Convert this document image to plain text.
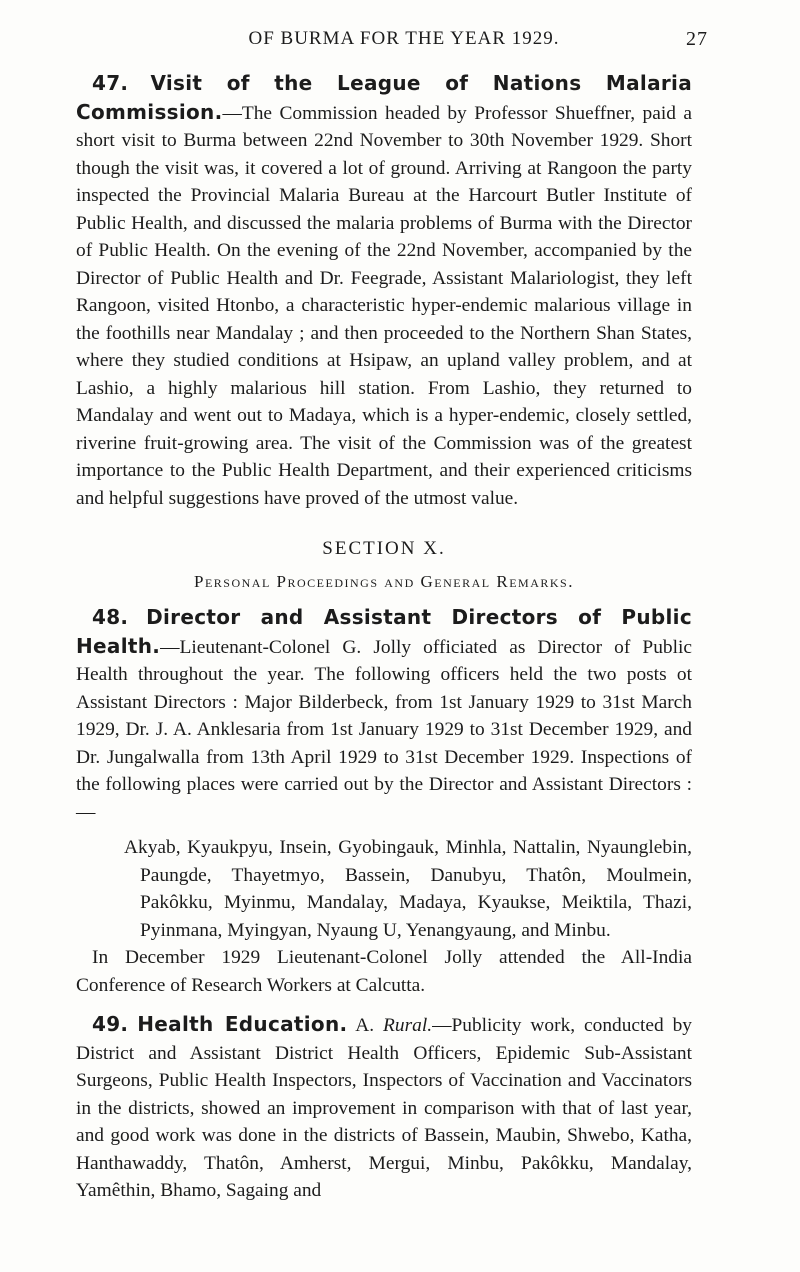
OF BURMA FOR THE YEAR 1929.	27

47. Visit of the League of Nations Malaria Commission.—The Commission headed by Professor Shueffner, paid a short visit to Burma between 22nd November to 30th November 1929. Short though the visit was, it covered a lot of ground. Arriving at Rangoon the party inspected the Provincial Malaria Bureau at the Harcourt Butler Institute of Public Health, and discussed the malaria problems of Burma with the Director of Public Health. On the evening of the 22nd November, accompanied by the Director of Public Health and Dr. Feegrade, Assistant Malariologist, they left Rangoon, visited Htonbo, a characteristic hyper-endemic malarious village in the foothills near Mandalay ; and then proceeded to the Northern Shan States, where they studied conditions at Hsipaw, an upland valley problem, and at Lashio, a highly malarious hill station. From Lashio, they returned to Mandalay and went out to Madaya, which is a hyper-endemic, closely settled, riverine fruit-growing area. The visit of the Commission was of the greatest importance to the Public Health Department, and their experienced criticisms and helpful suggestions have proved of the utmost value.

SECTION X.
Personal Proceedings and General Remarks.

48. Director and Assistant Directors of Public Health.—Lieutenant-Colonel G. Jolly officiated as Director of Public Health throughout the year. The following officers held the two posts ot Assistant Directors : Major Bilderbeck, from 1st January 1929 to 31st March 1929, Dr. J. A. Anklesaria from 1st January 1929 to 31st December 1929, and Dr. Jungalwalla from 13th April 1929 to 31st December 1929. Inspections of the following places were carried out by the Director and Assistant Directors :—

Akyab, Kyaukpyu, Insein, Gyobingauk, Minhla, Nattalin, Nyaunglebin, Paungde, Thayetmyo, Bassein, Danubyu, Thatôn, Moulmein, Pakôkku, Myinmu, Mandalay, Madaya, Kyaukse, Meiktila, Thazi, Pyinmana, Myingyan, Nyaung U, Yenangyaung, and Minbu.

In December 1929 Lieutenant-Colonel Jolly attended the All-India Conference of Research Workers at Calcutta.

49. Health Education. A. Rural.—Publicity work, conducted by District and Assistant District Health Officers, Epidemic Sub-Assistant Surgeons, Public Health Inspectors, Inspectors of Vaccination and Vaccinators in the districts, showed an improvement in comparison with that of last year, and good work was done in the districts of Bassein, Maubin, Shwebo, Katha, Hanthawaddy, Thatôn, Amherst, Mergui, Minbu, Pakôkku, Mandalay, Yamêthin, Bhamo, Sagaing and
